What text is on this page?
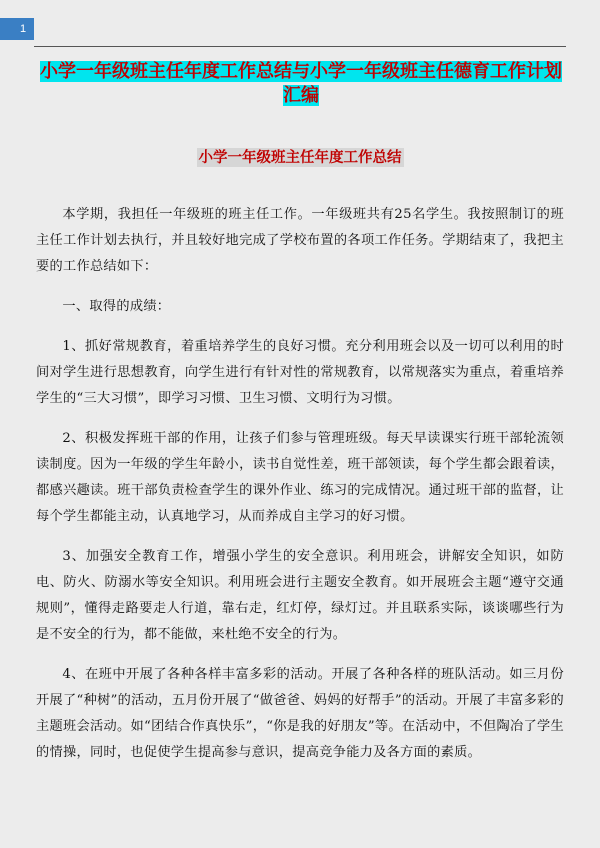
1
小学一年级班主任年度工作总结与小学一年级班主任德育工作计划汇编
小学一年级班主任年度工作总结

本学期，我担任一年级班的班主任工作。一年级班共有25名学生。我按照制订的班主任工作计划去执行，并且较好地完成了学校布置的各项工作任务。学期结束了，我把主要的工作总结如下：

一、取得的成绩：

1、抓好常规教育，着重培养学生的良好习惯。充分利用班会以及一切可以利用的时间对学生进行思想教育，向学生进行有针对性的常规教育，以常规落实为重点，着重培养学生的“三大习惯”，即学习习惯、卫生习惯、文明行为习惯。

2、积极发挥班干部的作用，让孩子们参与管理班级。每天早读课实行班干部轮流领读制度。因为一年级的学生年龄小，读书自觉性差，班干部领读，每个学生都会跟着读，都感兴趣读。班干部负责检查学生的课外作业、练习的完成情况。通过班干部的监督，让每个学生都能主动，认真地学习，从而养成自主学习的好习惯。

3、加强安全教育工作，增强小学生的安全意识。利用班会，讲解安全知识，如防电、防火、防溺水等安全知识。利用班会进行主题安全教育。如开展班会主题“遵守交通规则”，懂得走路要走人行道，靠右走，红灯停，绿灯过。并且联系实际，谈谈哪些行为是不安全的行为，都不能做，来杜绝不安全的行为。

4、在班中开展了各种各样丰富多彩的活动。开展了各种各样的班队活动。如三月份开展了“种树”的活动，五月份开展了“做爸爸、妈妈的好帮手”的活动。开展了丰富多彩的主题班会活动。如“团结合作真快乐”，“你是我的好朋友”等。在活动中，不但陶冶了学生的情操，同时，也促使学生提高参与意识，提高竞争能力及各方面的素质。
